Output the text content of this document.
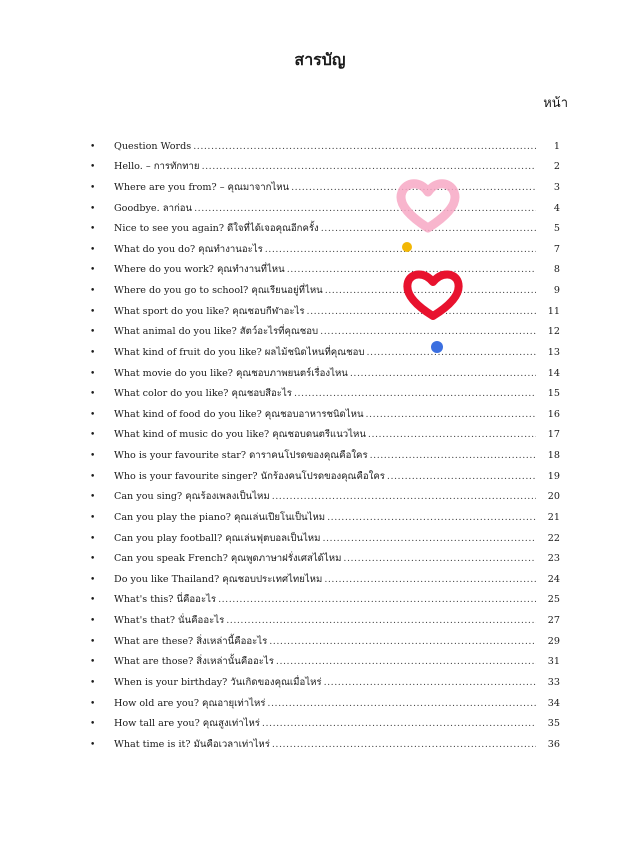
สารบัญ
หน้า
•	Question Words .....	1
•	Hello. – การทักทาย .....	2
•	Where are you from? – คุณมาจากไหน .....	3
•	Goodbye. ลาก่อน .....	4
•	Nice to see you again? ดีใจที่ได้เจอคุณอีกครั้ง .....	5
•	What do you do? คุณทำงานอะไร .....	7
•	Where do you work? คุณทำงานที่ไหน .....	8
•	Where do you go to school? คุณเรียนอยู่ที่ไหน .....	9
•	What sport do you like? คุณชอบกีฬาอะไร .....	11
•	What animal do you like? สัตว์อะไรที่คุณชอบ .....	12
•	What kind of fruit do you like? ผลไม้ชนิดไหนที่คุณชอบ .....	13
•	What movie do you like? คุณชอบภาพยนตร์เรื่องไหน .....	14
•	What color do you like? คุณชอบสีอะไร .....	15
•	What kind of food do you like? คุณชอบอาหารชนิดไหน .....	16
•	What kind of music do you like? คุณชอบดนตรีแนวไหน .....	17
•	Who is your favourite star? ดาราคนโปรดของคุณคือใคร .....	18
•	Who is your favourite singer? นักร้องคนโปรดของคุณคือใคร .....	19
•	Can you sing? คุณร้องเพลงเป็นไหม .....	20
•	Can you play the piano? คุณเล่นเปียโนเป็นไหม .....	21
•	Can you play football? คุณเล่นฟุตบอลเป็นไหม .....	22
•	Can you speak French? คุณพูดภาษาฝรั่งเศสได้ไหม .....	23
•	Do you like Thailand? คุณชอบประเทศไทยไหม .....	24
•	What's this? นี่คืออะไร .....	25
•	What's that? นั่นคืออะไร .....	27
•	What are these? สิ่งเหล่านี้คืออะไร .....	29
•	What are those? สิ่งเหล่านั้นคืออะไร .....	31
•	When is your birthday? วันเกิดของคุณเมื่อไหร่ .....	33
•	How old are you? คุณอายุเท่าไหร่ .....	34
•	How tall are you? คุณสูงเท่าไหร่ .....	35
•	What time is it? มันคือเวลาเท่าไหร่ .....	36
